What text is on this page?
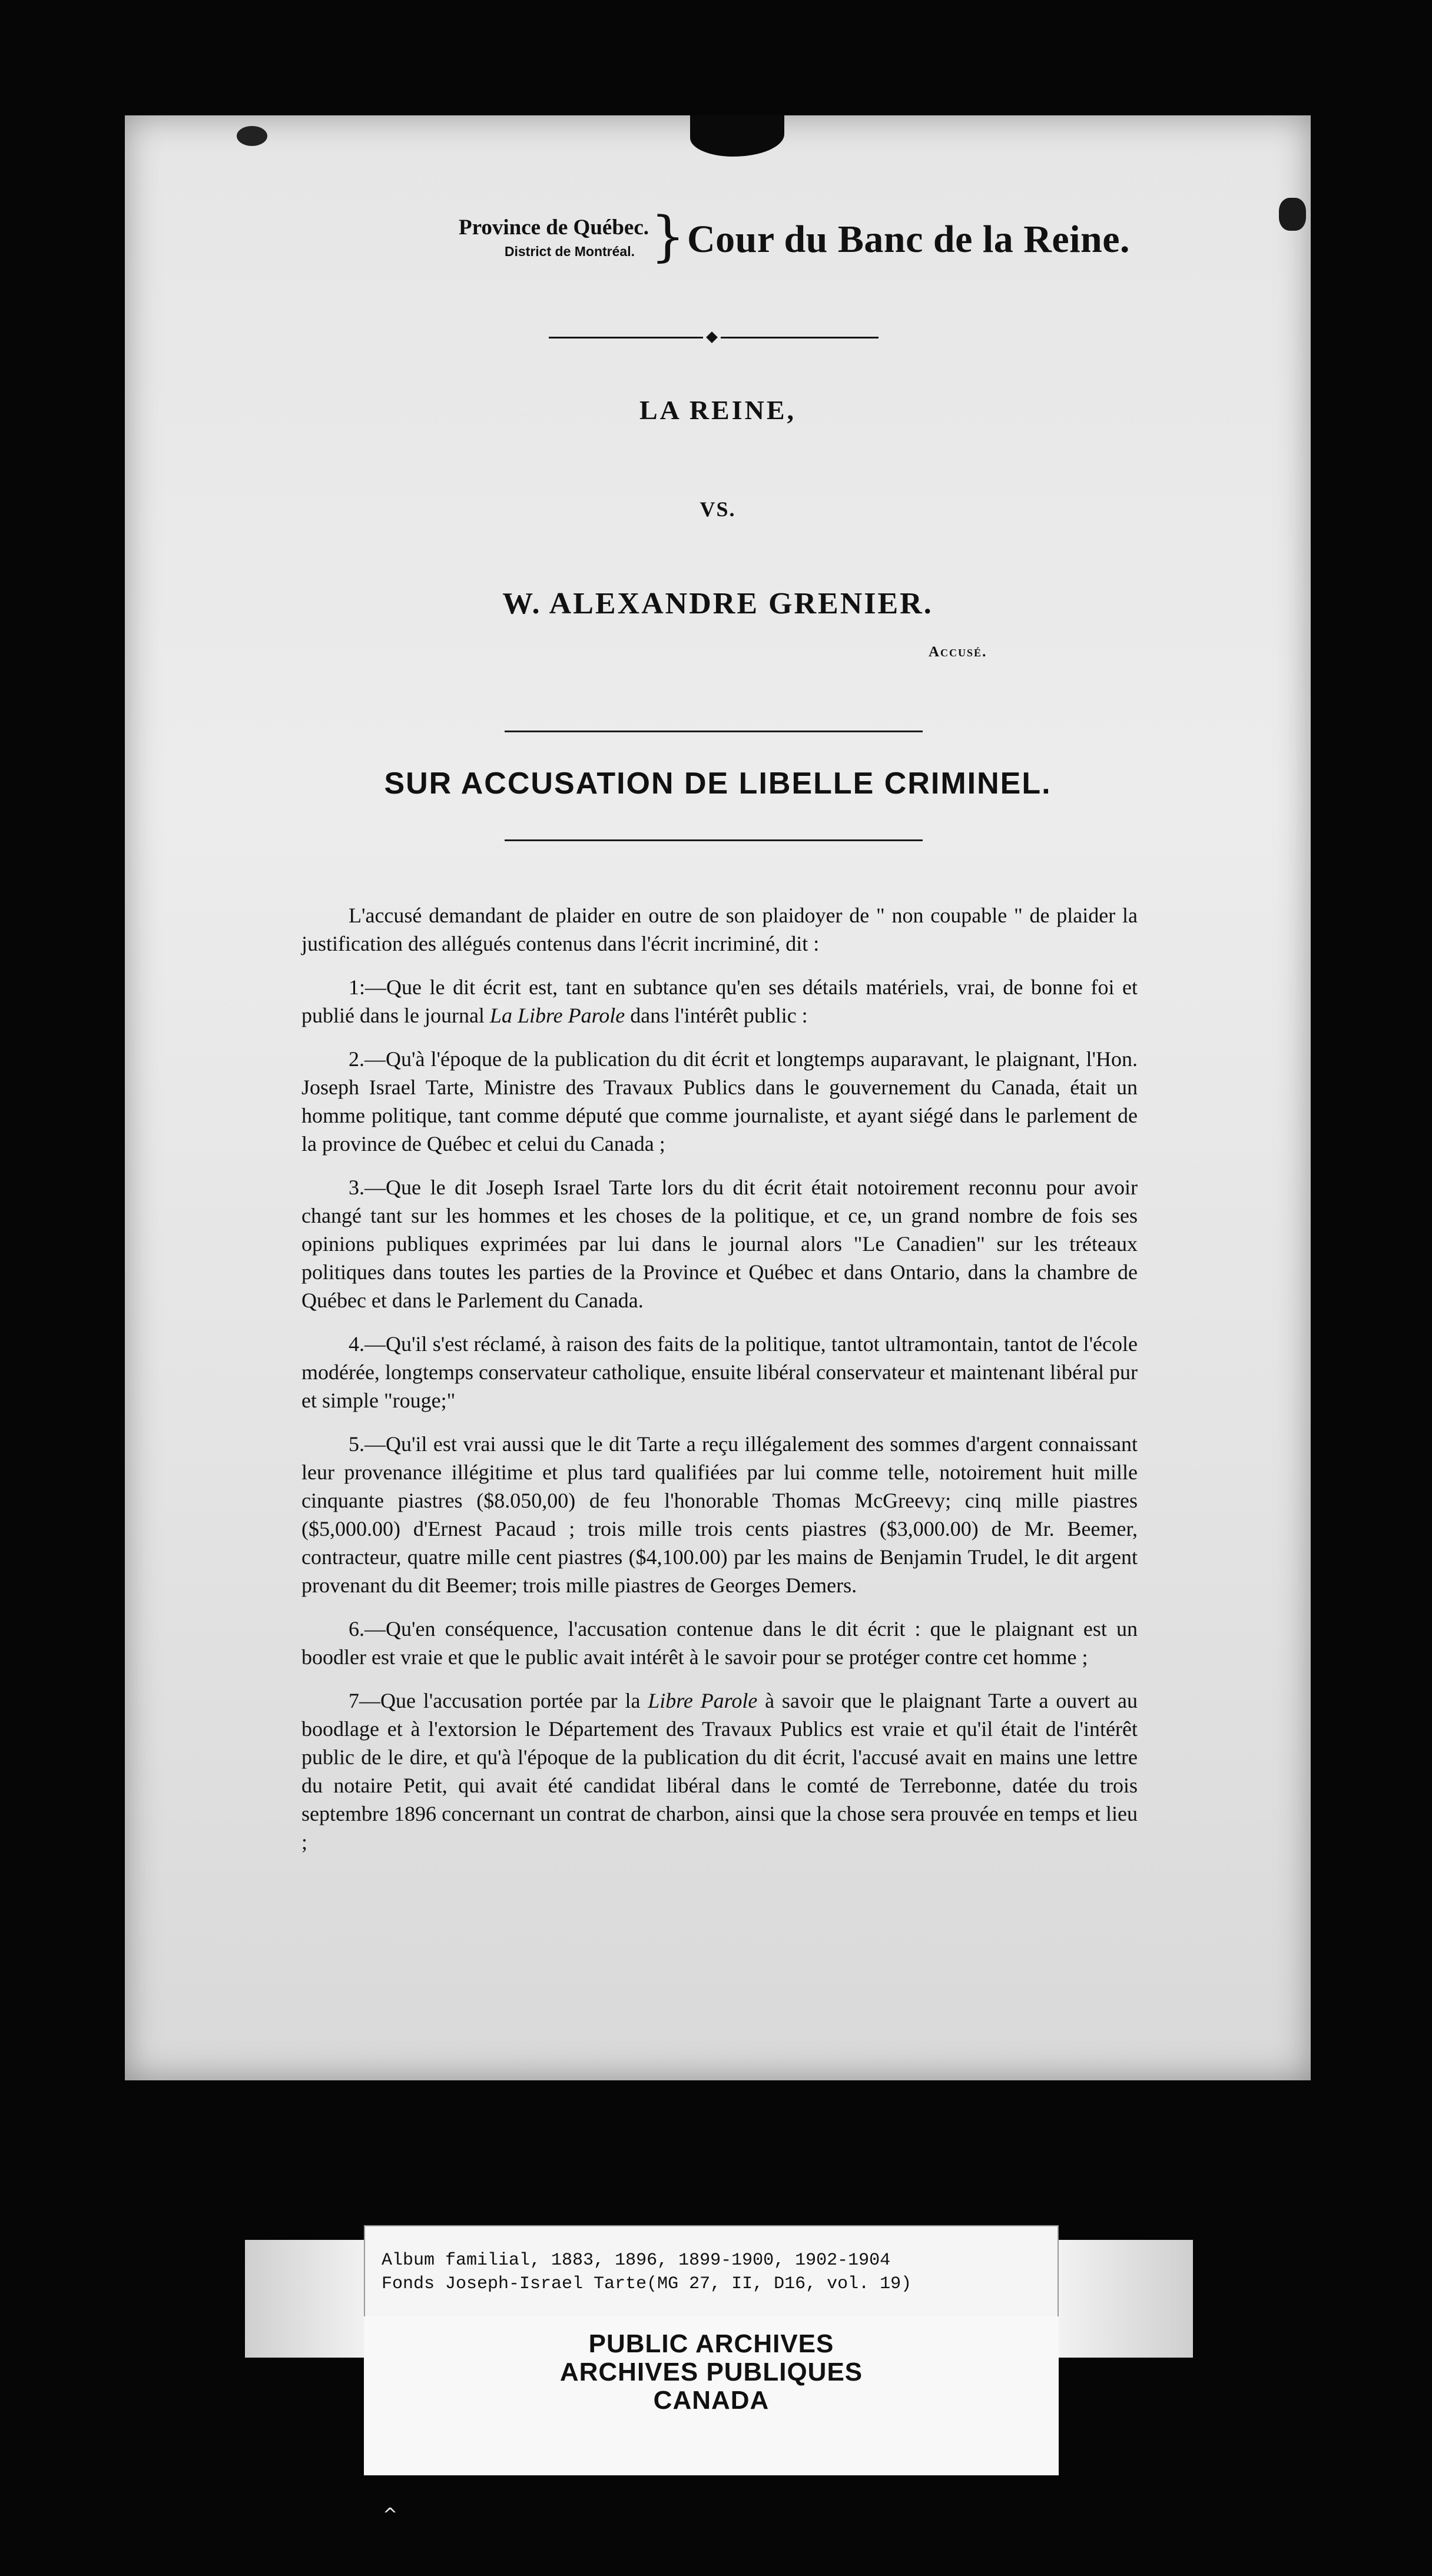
Province de Québec.
District de Montréal. } Cour du Banc de la Reine.
LA REINE,
VS.
W. ALEXANDRE GRENIER.
Accusé.
SUR ACCUSATION DE LIBELLE CRIMINEL.

L'accusé demandant de plaider en outre de son plaidoyer de " non coupable " de plaider la justification des allégués contenus dans l'écrit incriminé, dit :

1:—Que le dit écrit est, tant en subtance qu'en ses détails matériels, vrai, de bonne foi et publié dans le journal La Libre Parole dans l'intérêt public :

2.—Qu'à l'époque de la publication du dit écrit et longtemps auparavant, le plaignant, l'Hon. Joseph Israel Tarte, Ministre des Travaux Publics dans le gouvernement du Canada, était un homme politique, tant comme député que comme journaliste, et ayant siégé dans le parlement de la province de Québec et celui du Canada ;

3.—Que le dit Joseph Israel Tarte lors du dit écrit était notoirement reconnu pour avoir changé tant sur les hommes et les choses de la politique, et ce, un grand nombre de fois ses opinions publiques exprimées par lui dans le journal alors "Le Canadien" sur les tréteaux politiques dans toutes les parties de la Province et Québec et dans Ontario, dans la chambre de Québec et dans le Parlement du Canada.

4.—Qu'il s'est réclamé, à raison des faits de la politique, tantot ultramontain, tantot de l'école modérée, longtemps conservateur catholique, ensuite libéral conservateur et maintenant libéral pur et simple "rouge;"

5.—Qu'il est vrai aussi que le dit Tarte a reçu illégalement des sommes d'argent connaissant leur provenance illégitime et plus tard qualifiées par lui comme telle, notoirement huit mille cinquante piastres ($8.050,00) de feu l'honorable Thomas McGreevy; cinq mille piastres ($5,000.00) d'Ernest Pacaud ; trois mille trois cents piastres ($3,000.00) de Mr. Beemer, contracteur, quatre mille cent piastres ($4,100.00) par les mains de Benjamin Trudel, le dit argent provenant du dit Beemer; trois mille piastres de Georges Demers.

6.—Qu'en conséquence, l'accusation contenue dans le dit écrit : que le plaignant est un boodler est vraie et que le public avait intérêt à le savoir pour se protéger contre cet homme ;

7—Que l'accusation portée par la Libre Parole à savoir que le plaignant Tarte a ouvert au boodlage et à l'extorsion le Département des Travaux Publics est vraie et qu'il était de l'intérêt public de le dire, et qu'à l'époque de la publication du dit écrit, l'accusé avait en mains une lettre du notaire Petit, qui avait été candidat libéral dans le comté de Terrebonne, datée du trois septembre 1896 concernant un contrat de charbon, ainsi que la chose sera prouvée en temps et lieu ;

Album familial, 1883, 1896, 1899-1900, 1902-1904
Fonds Joseph-Israel Tarte(MG 27, II, D16, vol. 19)
PUBLIC ARCHIVES
ARCHIVES PUBLIQUES
CANADA
^
